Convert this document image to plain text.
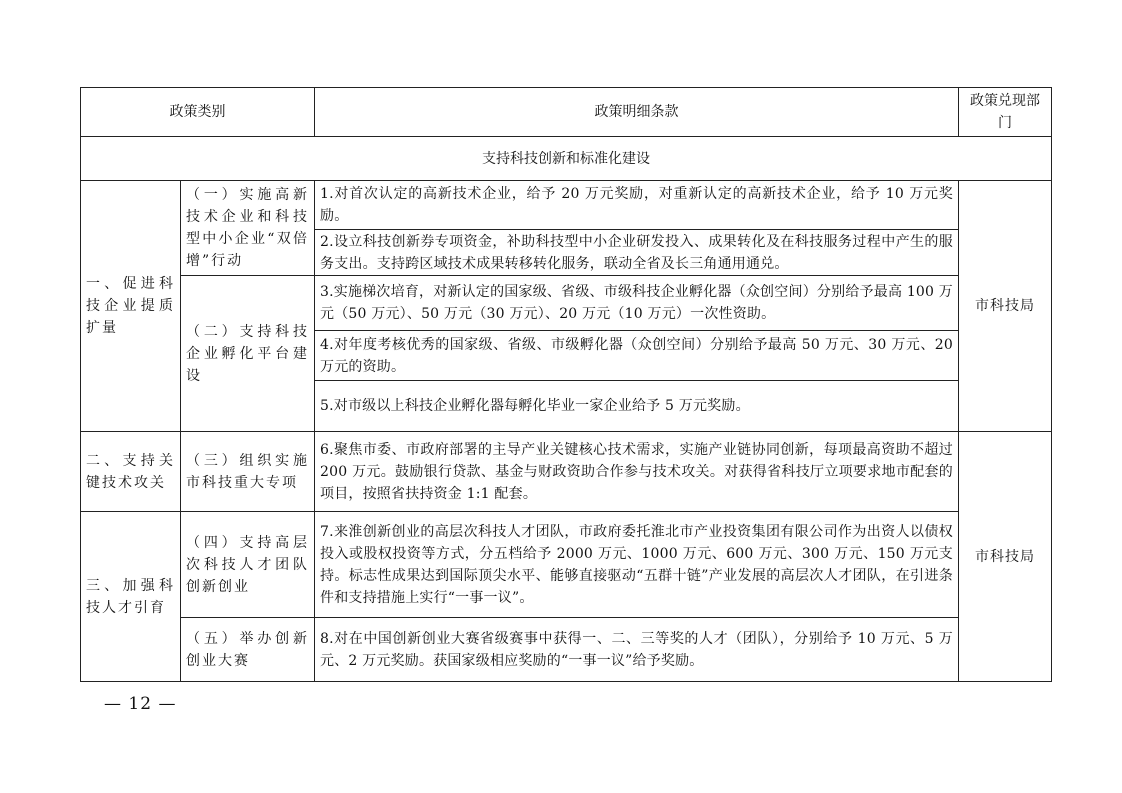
政策类别		政策明细条款	政策兑现部门
支持科技创新和标准化建设			
一、促进科技企业提质扩量	（一）实施高新技术企业和科技型中小企业“双倍增”行动	1.对首次认定的高新技术企业，给予 20 万元奖励，对重新认定的高新技术企业，给予 10 万元奖励。	市科技局
		2.设立科技创新券专项资金，补助科技型中小企业研发投入、成果转化及在科技服务过程中产生的服务支出。支持跨区域技术成果转移转化服务，联动全省及长三角通用通兑。	
	（二）支持科技企业孵化平台建设	3.实施梯次培育，对新认定的国家级、省级、市级科技企业孵化器（众创空间）分别给予最高 100 万元（50 万元）、50 万元（30 万元）、20 万元（10 万元）一次性资助。	
		4.对年度考核优秀的国家级、省级、市级孵化器（众创空间）分别给予最高 50 万元、30 万元、20 万元的资助。	
		5.对市级以上科技企业孵化器每孵化毕业一家企业给予 5 万元奖励。	
二、支持关键技术攻关	（三）组织实施市科技重大专项	6.聚焦市委、市政府部署的主导产业关键核心技术需求，实施产业链协同创新，每项最高资助不超过 200 万元。鼓励银行贷款、基金与财政资助合作参与技术攻关。对获得省科技厅立项要求地市配套的项目，按照省扶持资金 1:1 配套。	市科技局
三、加强科技人才引育	（四）支持高层次科技人才团队创新创业	7.来淮创新创业的高层次科技人才团队，市政府委托淮北市产业投资集团有限公司作为出资人以债权投入或股权投资等方式，分五档给予 2000 万元、1000 万元、600 万元、300 万元、150 万元支持。标志性成果达到国际顶尖水平、能够直接驱动“五群十链”产业发展的高层次人才团队，在引进条件和支持措施上实行“一事一议”。	
	（五）举办创新创业大赛	8.对在中国创新创业大赛省级赛事中获得一、二、三等奖的人才（团队），分别给予 10 万元、5 万元、2 万元奖励。获国家级相应奖励的“一事一议”给予奖励。	
— 12 —
